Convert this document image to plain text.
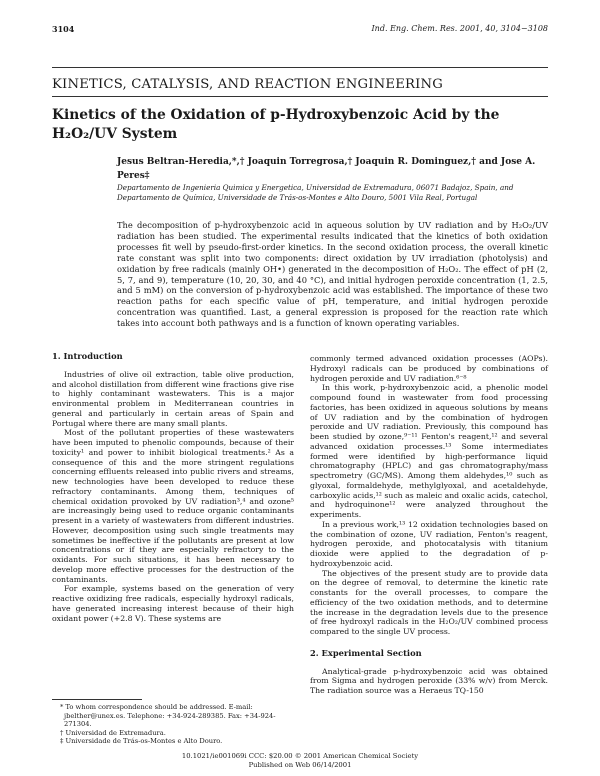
3104	Ind. Eng. Chem. Res. 2001, 40, 3104−3108
KINETICS, CATALYSIS, AND REACTION ENGINEERING
Kinetics of the Oxidation of p-Hydroxybenzoic Acid by the H₂O₂/UV System
Jesus Beltran-Heredia,*,† Joaquin Torregrosa,† Joaquin R. Dominguez,† and Jose A. Peres‡
Departamento de Ingenieria Quimica y Energetica, Universidad de Extremadura, 06071 Badajoz, Spain, and
Departamento de Química, Universidade de Trás-os-Montes e Alto Douro, 5001 Vila Real, Portugal
The decomposition of p-hydroxybenzoic acid in aqueous solution by UV radiation and by H₂O₂/UV radiation has been studied. The experimental results indicated that the kinetics of both oxidation processes fit well by pseudo-first-order kinetics. In the second oxidation process, the overall kinetic rate constant was split into two components: direct oxidation by UV irradiation (photolysis) and oxidation by free radicals (mainly OH•) generated in the decomposition of H₂O₂. The effect of pH (2, 5, 7, and 9), temperature (10, 20, 30, and 40 °C), and initial hydrogen peroxide concentration (1, 2.5, and 5 mM) on the conversion of p-hydroxybenzoic acid was established. The importance of these two reaction paths for each specific value of pH, temperature, and initial hydrogen peroxide concentration was quantified. Last, a general expression is proposed for the reaction rate which takes into account both pathways and is a function of known operating variables.
1. Introduction

Industries of olive oil extraction, table olive production, and alcohol distillation from different wine fractions give rise to highly contaminant wastewaters. This is a major environmental problem in Mediterranean countries in general and particularly in certain areas of Spain and Portugal where there are many small plants.

Most of the pollutant properties of these wastewaters have been imputed to phenolic compounds, because of their toxicity¹ and power to inhibit biological treatments.² As a consequence of this and the more stringent regulations concerning effluents released into public rivers and streams, new technologies have been developed to reduce these refractory contaminants. Among them, techniques of chemical oxidation provoked by UV radiation³,⁴ and ozone⁵ are increasingly being used to reduce organic contaminants present in a variety of wastewaters from different industries. However, decomposition using such single treatments may sometimes be ineffective if the pollutants are present at low concentrations or if they are especially refractory to the oxidants. For such situations, it has been necessary to develop more effective processes for the destruction of the contaminants.

For example, systems based on the generation of very reactive oxidizing free radicals, especially hydroxyl radicals, have generated increasing interest because of their high oxidant power (+2.8 V). These systems are

commonly termed advanced oxidation processes (AOPs). Hydroxyl radicals can be produced by combinations of hydrogen peroxide and UV radiation.⁶⁻⁸

In this work, p-hydroxybenzoic acid, a phenolic model compound found in wastewater from food processing factories, has been oxidized in aqueous solutions by means of UV radiation and by the combination of hydrogen peroxide and UV radiation. Previously, this compound has been studied by ozone,⁹⁻¹¹ Fenton's reagent,¹² and several advanced oxidation processes.¹³ Some intermediates formed were identified by high-performance liquid chromatography (HPLC) and gas chromatography/mass spectrometry (GC/MS). Among them aldehydes,¹⁰ such as glyoxal, formaldehyde, methylglyoxal, and acetaldehyde, carboxylic acids,¹² such as maleic and oxalic acids, catechol, and hydroquinone¹² were analyzed throughout the experiments.

In a previous work,¹³ 12 oxidation technologies based on the combination of ozone, UV radiation, Fenton's reagent, hydrogen peroxide, and photocatalysis with titanium dioxide were applied to the degradation of p-hydroxybenzoic acid.

The objectives of the present study are to provide data on the degree of removal, to determine the kinetic rate constants for the overall processes, to compare the efficiency of the two oxidation methods, and to determine the increase in the degradation levels due to the presence of free hydroxyl radicals in the H₂O₂/UV combined process compared to the single UV process.

2. Experimental Section

Analytical-grade p-hydroxybenzoic acid was obtained from Sigma and hydrogen peroxide (33% w/v) from Merck. The radiation source was a Heraeus TQ-150

* To whom correspondence should be addressed. E-mail: jbelther@unex.es. Telephone: +34-924-289385. Fax: +34-924-271304.
† Universidad de Extremadura.
‡ Universidade de Trás-os-Montes e Alto Douro.
10.1021/ie001069i CCC: $20.00 © 2001 American Chemical Society
Published on Web 06/14/2001
